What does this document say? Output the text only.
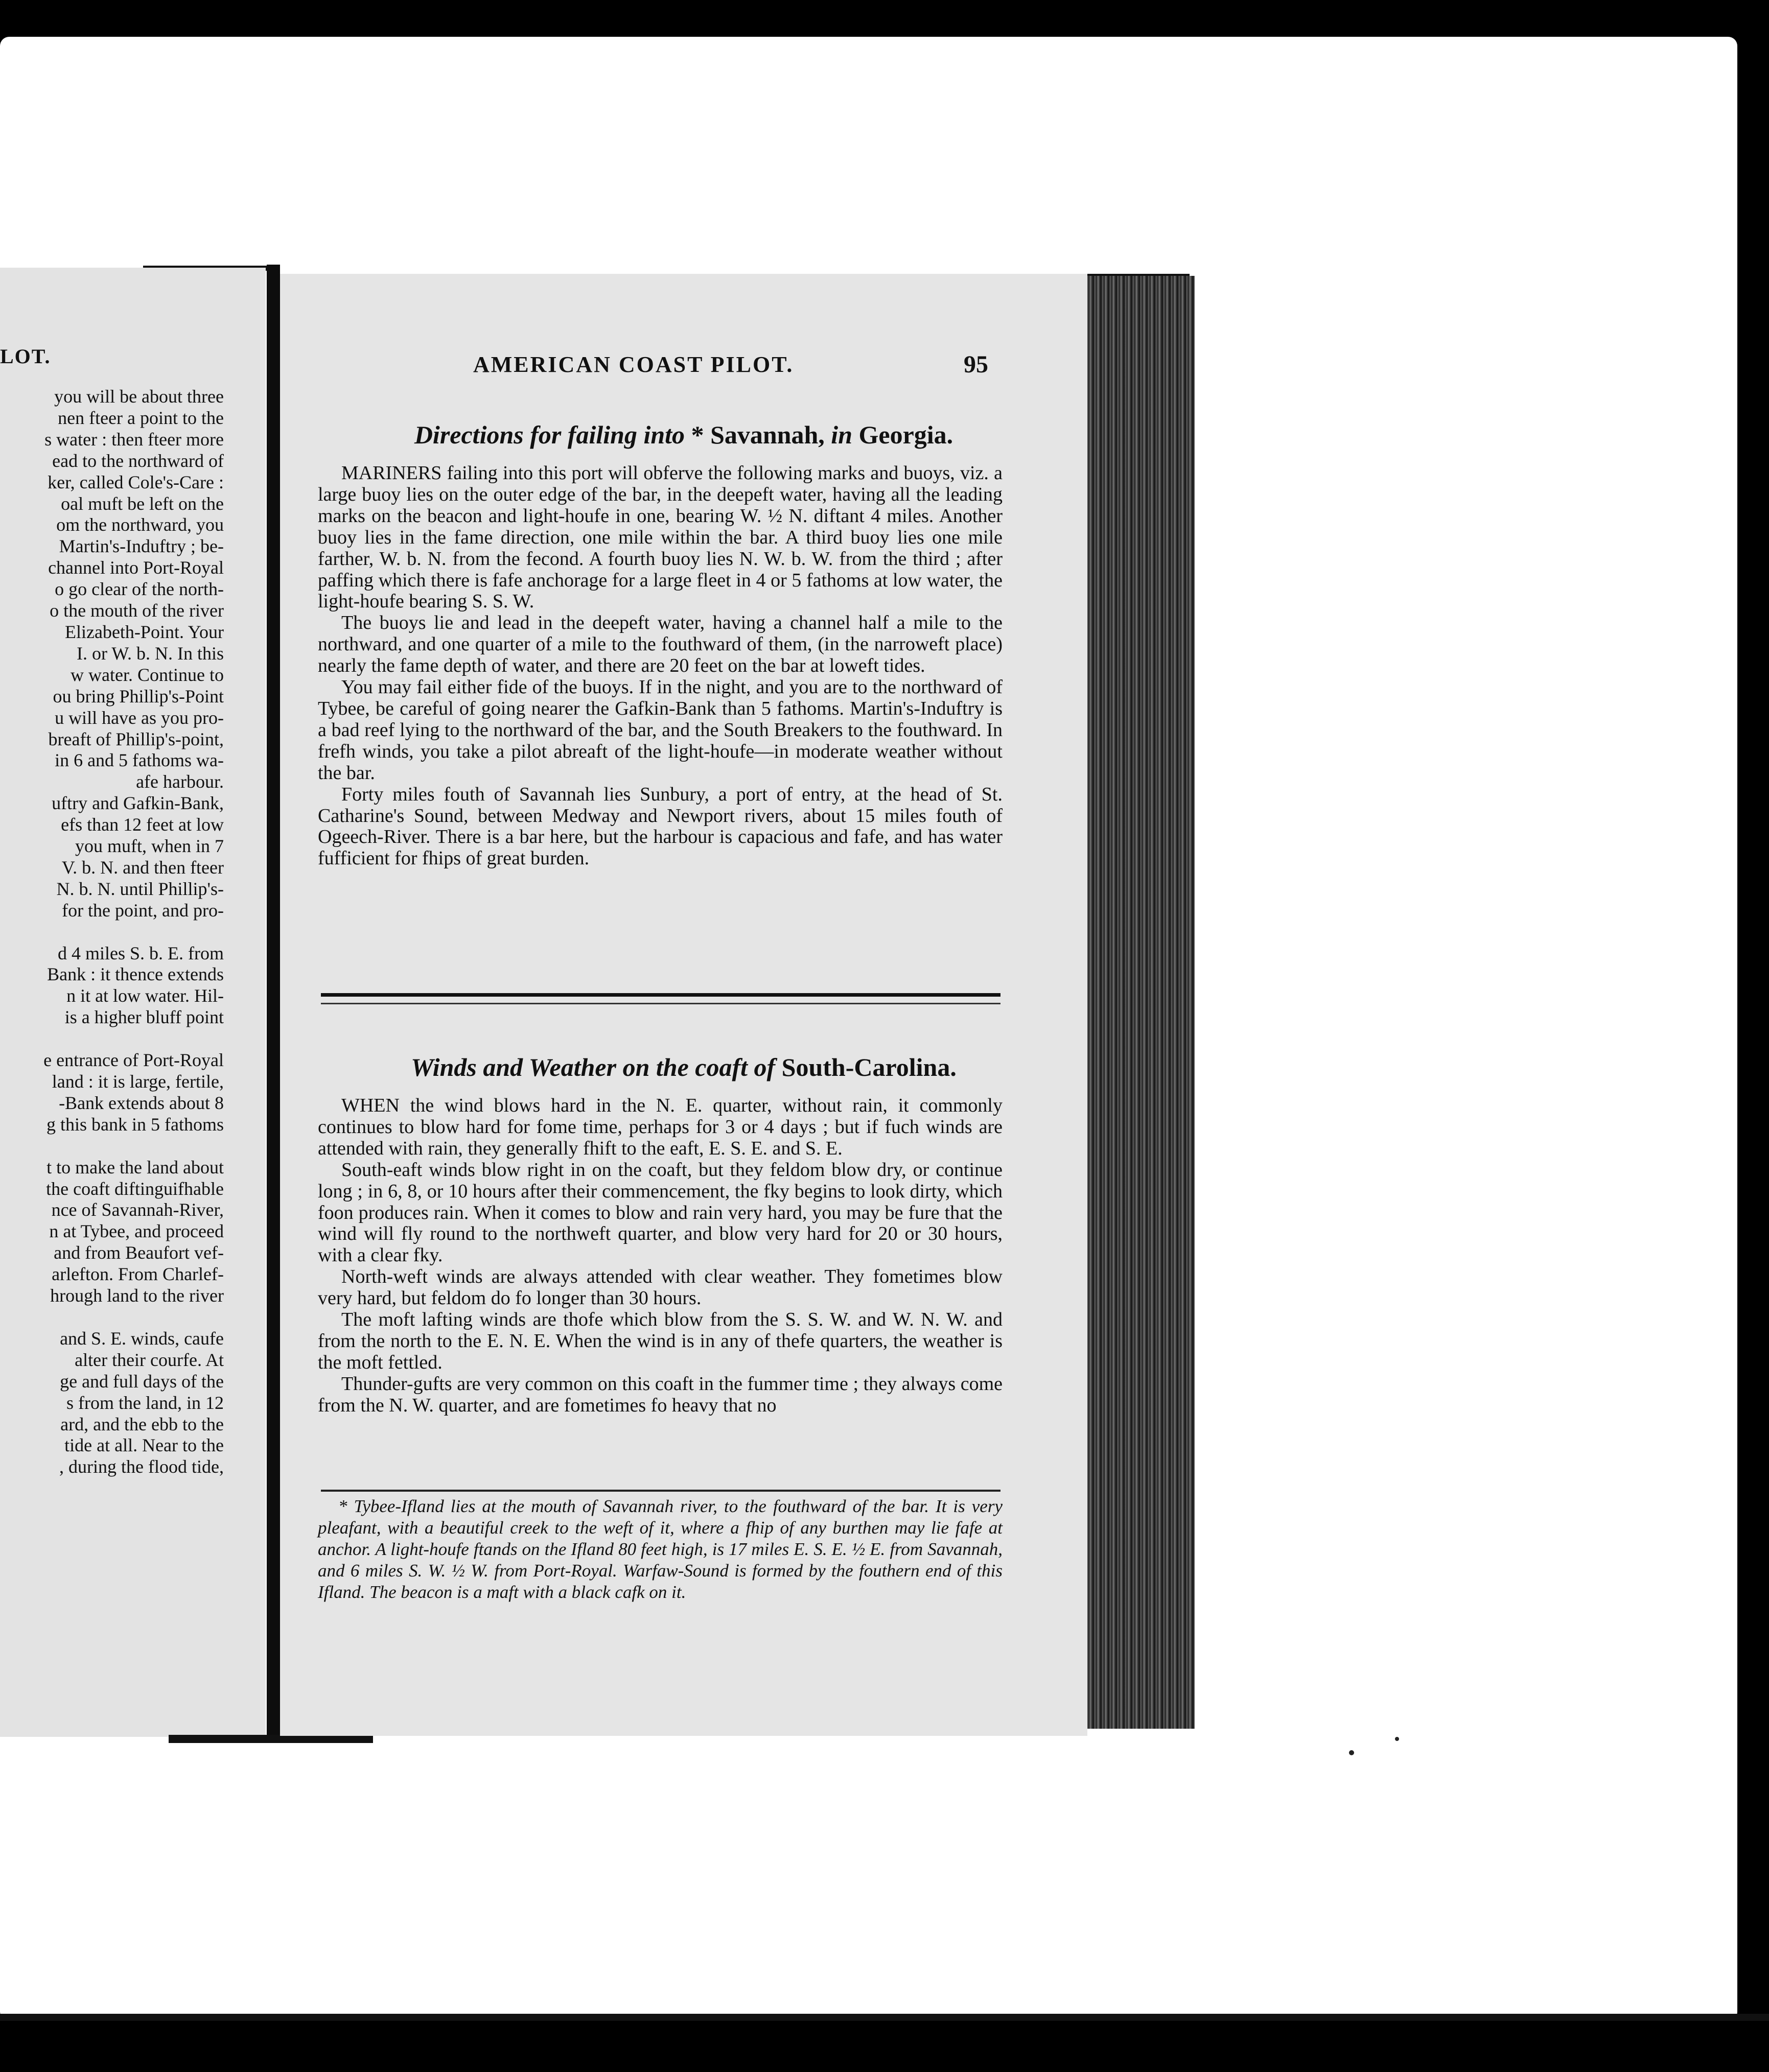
LOT.
you will be about three
nen fteer a point to the
s water : then fteer more
ead to the northward of
ker, called Cole's-Care :
oal muft be left on the
om the northward, you
Martin's-Induftry ; be-
channel into Port-Royal
o go clear of the north-
o the mouth of the river
Elizabeth-Point. Your
I. or W. b. N. In this
w water. Continue to
ou bring Phillip's-Point
u will have as you pro-
breaft of Phillip's-point,
in 6 and 5 fathoms wa-
afe harbour.
uftry and Gafkin-Bank,
efs than 12 feet at low
you muft, when in 7
V. b. N. and then fteer
N. b. N. until Phillip's-
for the point, and pro-

d 4 miles S. b. E. from
Bank : it thence extends
n it at low water. Hil-
is a higher bluff point

e entrance of Port-Royal
land : it is large, fertile,
-Bank extends about 8
g this bank in 5 fathoms

t to make the land about
the coaft diftinguifhable
nce of Savannah-River,
n at Tybee, and proceed
and from Beaufort vef-
arlefton. From Charlef-
hrough land to the river

and S. E. winds, caufe
alter their courfe. At
ge and full days of the
s from the land, in 12
ard, and the ebb to the
tide at all. Near to the
, during the flood tide,
AMERICAN COAST PILOT.	95
Directions for failing into * Savannah, in Georgia.

MARINERS failing into this port will obferve the following marks and buoys, viz. a large buoy lies on the outer edge of the bar, in the deepeft water, having all the leading marks on the beacon and light-houfe in one, bearing W. ½ N. diftant 4 miles. Another buoy lies in the fame direction, one mile within the bar. A third buoy lies one mile farther, W. b. N. from the fecond. A fourth buoy lies N. W. b. W. from the third ; after paffing which there is fafe anchorage for a large fleet in 4 or 5 fathoms at low water, the light-houfe bearing S. S. W.

The buoys lie and lead in the deepeft water, having a channel half a mile to the northward, and one quarter of a mile to the fouthward of them, (in the narroweft place) nearly the fame depth of water, and there are 20 feet on the bar at loweft tides.

You may fail either fide of the buoys. If in the night, and you are to the northward of Tybee, be careful of going nearer the Gafkin-Bank than 5 fathoms. Martin's-Induftry is a bad reef lying to the northward of the bar, and the South Breakers to the fouthward. In frefh winds, you take a pilot abreaft of the light-houfe—in moderate weather without the bar.

Forty miles fouth of Savannah lies Sunbury, a port of entry, at the head of St. Catharine's Sound, between Medway and Newport rivers, about 15 miles fouth of Ogeech-River. There is a bar here, but the harbour is capacious and fafe, and has water fufficient for fhips of great burden.

Winds and Weather on the coaft of South-Carolina.

WHEN the wind blows hard in the N. E. quarter, without rain, it commonly continues to blow hard for fome time, perhaps for 3 or 4 days ; but if fuch winds are attended with rain, they generally fhift to the eaft, E. S. E. and S. E.

South-eaft winds blow right in on the coaft, but they feldom blow dry, or continue long ; in 6, 8, or 10 hours after their commencement, the fky begins to look dirty, which foon produces rain. When it comes to blow and rain very hard, you may be fure that the wind will fly round to the northweft quarter, and blow very hard for 20 or 30 hours, with a clear fky.

North-weft winds are always attended with clear weather. They fometimes blow very hard, but feldom do fo longer than 30 hours.

The moft lafting winds are thofe which blow from the S. S. W. and W. N. W. and from the north to the E. N. E. When the wind is in any of thefe quarters, the weather is the moft fettled.

Thunder-gufts are very common on this coaft in the fummer time ; they always come from the N. W. quarter, and are fometimes fo heavy that no

* Tybee-Ifland lies at the mouth of Savannah river, to the fouthward of the bar. It is very pleafant, with a beautiful creek to the weft of it, where a fhip of any burthen may lie fafe at anchor. A light-houfe ftands on the Ifland 80 feet high, is 17 miles E. S. E. ½ E. from Savannah, and 6 miles S. W. ½ W. from Port-Royal. Warfaw-Sound is formed by the fouthern end of this Ifland. The beacon is a maft with a black cafk on it.
